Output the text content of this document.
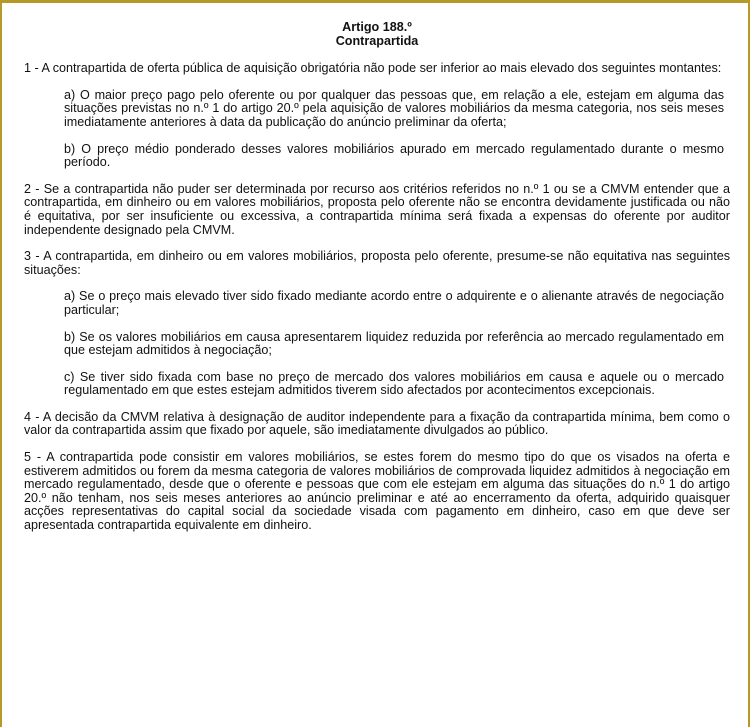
Artigo 188.º
Contrapartida

1 - A contrapartida de oferta pública de aquisição obrigatória não pode ser inferior ao mais elevado dos seguintes montantes:

a) O maior preço pago pelo oferente ou por qualquer das pessoas que, em relação a ele, estejam em alguma das situações previstas no n.º 1 do artigo 20.º pela aquisição de valores mobiliários da mesma categoria, nos seis meses imediatamente anteriores à data da publicação do anúncio preliminar da oferta;

b) O preço médio ponderado desses valores mobiliários apurado em mercado regulamentado durante o mesmo período.

2 - Se a contrapartida não puder ser determinada por recurso aos critérios referidos no n.º 1 ou se a CMVM entender que a contrapartida, em dinheiro ou em valores mobiliários, proposta pelo oferente não se encontra devidamente justificada ou não é equitativa, por ser insuficiente ou excessiva, a contrapartida mínima será fixada a expensas do oferente por auditor independente designado pela CMVM.

3 - A contrapartida, em dinheiro ou em valores mobiliários, proposta pelo oferente, presume-se não equitativa nas seguintes situações:

a) Se o preço mais elevado tiver sido fixado mediante acordo entre o adquirente e o alienante através de negociação particular;

b) Se os valores mobiliários em causa apresentarem liquidez reduzida por referência ao mercado regulamentado em que estejam admitidos à negociação;

c) Se tiver sido fixada com base no preço de mercado dos valores mobiliários em causa e aquele ou o mercado regulamentado em que estes estejam admitidos tiverem sido afectados por acontecimentos excepcionais.

4 - A decisão da CMVM relativa à designação de auditor independente para a fixação da contrapartida mínima, bem como o valor da contrapartida assim que fixado por aquele, são imediatamente divulgados ao público.

5 - A contrapartida pode consistir em valores mobiliários, se estes forem do mesmo tipo do que os visados na oferta e estiverem admitidos ou forem da mesma categoria de valores mobiliários de comprovada liquidez admitidos à negociação em mercado regulamentado, desde que o oferente e pessoas que com ele estejam em alguma das situações do n.º 1 do artigo 20.º não tenham, nos seis meses anteriores ao anúncio preliminar e até ao encerramento da oferta, adquirido quaisquer acções representativas do capital social da sociedade visada com pagamento em dinheiro, caso em que deve ser apresentada contrapartida equivalente em dinheiro.
